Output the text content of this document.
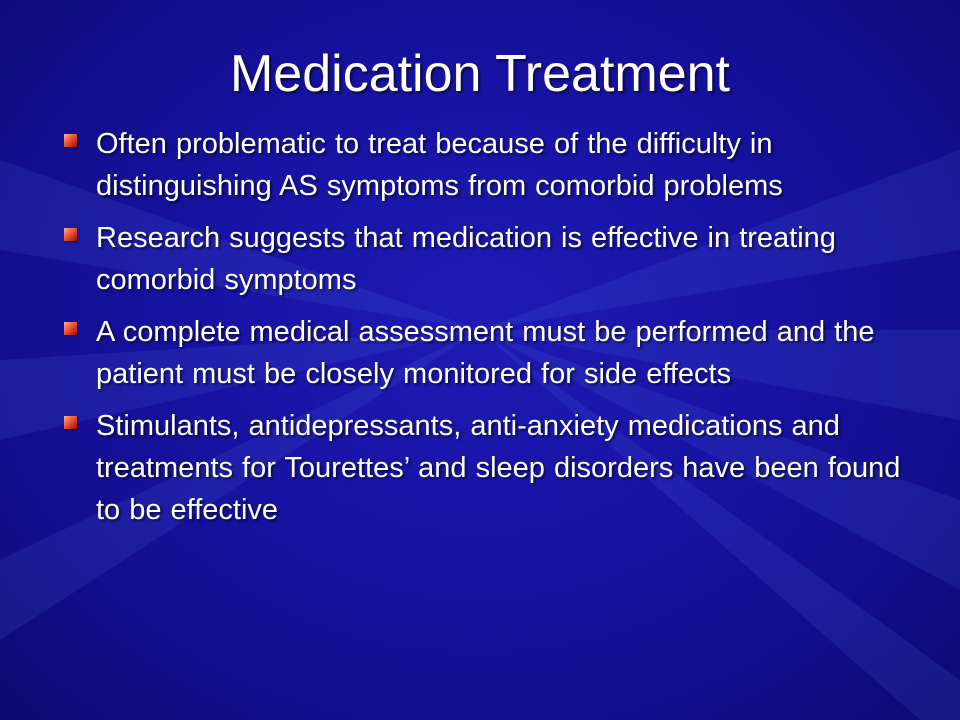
Medication Treatment
Often problematic to treat because of the difficulty in distinguishing AS symptoms from comorbid problems
Research suggests that medication is effective in treating comorbid symptoms
A complete medical assessment must be performed and the patient must be closely monitored for side effects
Stimulants, antidepressants, anti-anxiety medications and treatments for Tourettes’ and sleep disorders have been found to be effective
